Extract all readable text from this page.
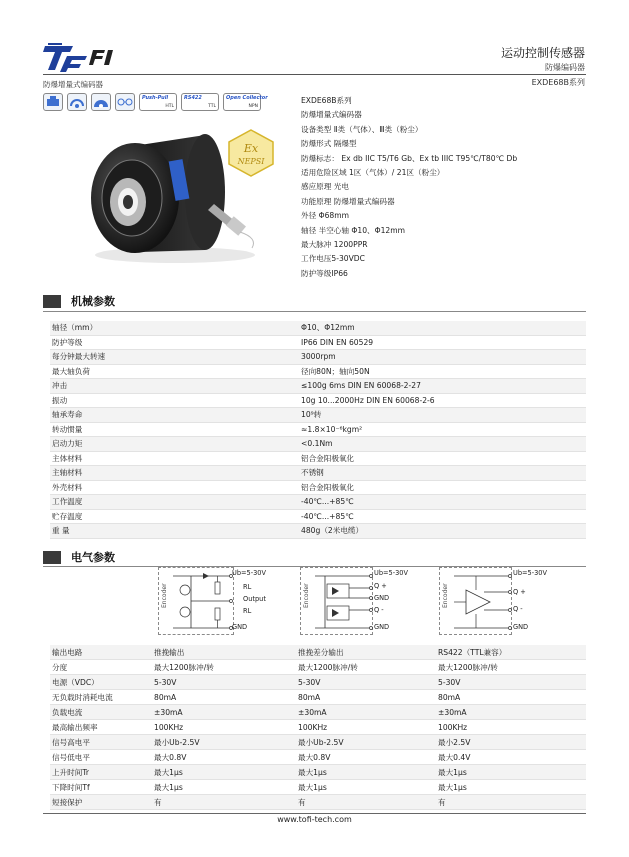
运动控制传感器
防爆编码器
EXDE68B系列
防爆增量式编码器
Push-Pull
HTL
RS422
TTL
Open Collector
NPN
Ex
NEPSI
EXDE68B系列
防爆增量式编码器
设备类型 Ⅱ类（气体）、Ⅲ类（粉尘）
防爆形式 隔爆型
防爆标志： Ex db IIC T5/T6 Gb、Ex tb IIIC T95℃/T80℃ Db
适用危险区域 1区（气体）/ 21区（粉尘）
感应原理 光电
功能原理 防爆增量式编码器
外径 Φ68mm
轴径 半空心轴 Φ10、Φ12mm
最大脉冲 1200PPR
工作电压5-30VDC
防护等级IP66
机械参数
轴径（mm）	Φ10、Φ12mm
防护等级	IP66 DIN EN 60529
每分钟最大转速	3000rpm
最大轴负荷	径向80N；轴向50N
冲击	≤100g 6ms DIN EN 60068-2-27
振动	10g 10...2000Hz DIN EN 60068-2-6
轴承寿命	10⁹转
转动惯量	≈1.8×10⁻⁶kgm²
启动力矩	<0.1Nm
主体材料	铝合金阳极氧化
主轴材料	不锈钢
外壳材料	铝合金阳极氧化
工作温度	-40℃...+85℃
贮存温度	-40℃...+85℃
重 量	480g（2米电缆）
电气参数
Encoder
Ub=5-30V
RL
Output
RL
GND
Encoder
Ub=5-30V
Q +
GND
Q -
GND
Encoder
Ub=5-30V
Q +
Q -
GND
输出电路	推挽输出	推挽差分输出	RS422（TTL兼容）
分度	最大1200脉冲/转	最大1200脉冲/转	最大1200脉冲/转
电源（VDC）	5-30V	5-30V	5-30V
无负载时消耗电流	80mA	80mA	80mA
负载电流	±30mA	±30mA	±30mA
最高输出频率	100KHz	100KHz	100KHz
信号高电平	最小Ub-2.5V	最小Ub-2.5V	最小2.5V
信号低电平	最大0.8V	最大0.8V	最大0.4V
上升时间Tr	最大1μs	最大1μs	最大1μs
下降时间Tf	最大1μs	最大1μs	最大1μs
短接保护	有	有	有
www.tofi-tech.com
